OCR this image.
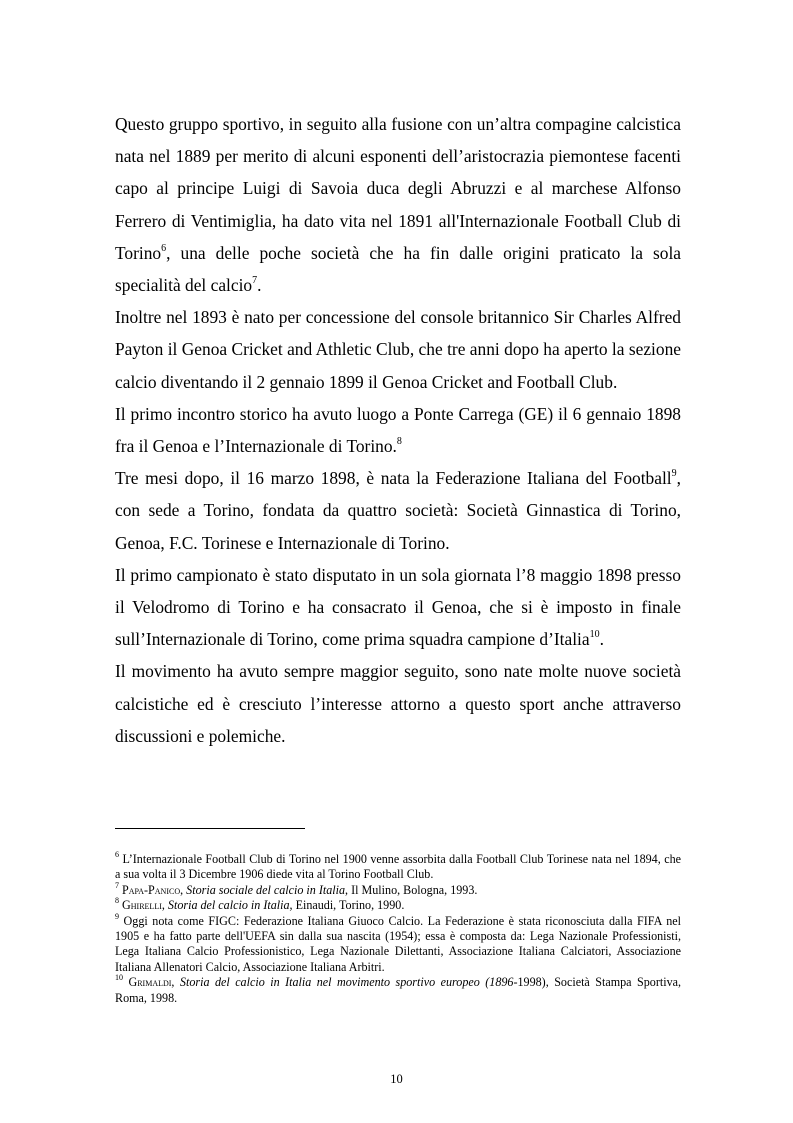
Questo gruppo sportivo, in seguito alla fusione con un’altra compagine calcistica nata nel 1889 per merito di alcuni esponenti dell’aristocrazia piemontese facenti capo al principe Luigi di Savoia duca degli Abruzzi e al marchese Alfonso Ferrero di Ventimiglia, ha dato vita nel 1891 all'Internazionale Football Club di Torino$^6$, una delle poche società che ha fin dalle origini praticato la sola specialità del calcio$^7$.

Inoltre nel 1893 è nato per concessione del console britannico Sir Charles Alfred Payton il Genoa Cricket and Athletic Club, che tre anni dopo ha aperto la sezione calcio diventando il 2 gennaio 1899 il Genoa Cricket and Football Club.

Il primo incontro storico ha avuto luogo a Ponte Carrega (GE) il 6 gennaio 1898 fra il Genoa e l’Internazionale di Torino.$^8$

Tre mesi dopo, il 16 marzo 1898, è nata la Federazione Italiana del Football$^9$, con sede a Torino, fondata da quattro società: Società Ginnastica di Torino, Genoa, F.C. Torinese e Internazionale di Torino.

Il primo campionato è stato disputato in un sola giornata l’8 maggio 1898 presso il Velodromo di Torino e ha consacrato il Genoa, che si è imposto in finale sull’Internazionale di Torino, come prima squadra campione d’Italia$^{10}$.

Il movimento ha avuto sempre maggior seguito, sono nate molte nuove società calcistiche ed è cresciuto l’interesse attorno a questo sport anche attraverso discussioni e polemiche.

$^6$ L’Internazionale Football Club di Torino nel 1900 venne assorbita dalla Football Club Torinese nata nel 1894, che a sua volta il 3 Dicembre 1906 diede vita al Torino Football Club.

$^7$ Papa-Panico, Storia sociale del calcio in Italia, Il Mulino, Bologna, 1993.

$^8$ Ghirelli, Storia del calcio in Italia, Einaudi, Torino, 1990.

$^9$ Oggi nota come FIGC: Federazione Italiana Giuoco Calcio. La Federazione è stata riconosciuta dalla FIFA nel 1905 e ha fatto parte dell'UEFA sin dalla sua nascita (1954); essa è composta da: Lega Nazionale Professionisti, Lega Italiana Calcio Professionistico, Lega Nazionale Dilettanti, Associazione Italiana Calciatori, Associazione Italiana Allenatori Calcio, Associazione Italiana Arbitri.

$^{10}$ Grimaldi, Storia del calcio in Italia nel movimento sportivo europeo (1896-1998), Società Stampa Sportiva, Roma, 1998.

10
